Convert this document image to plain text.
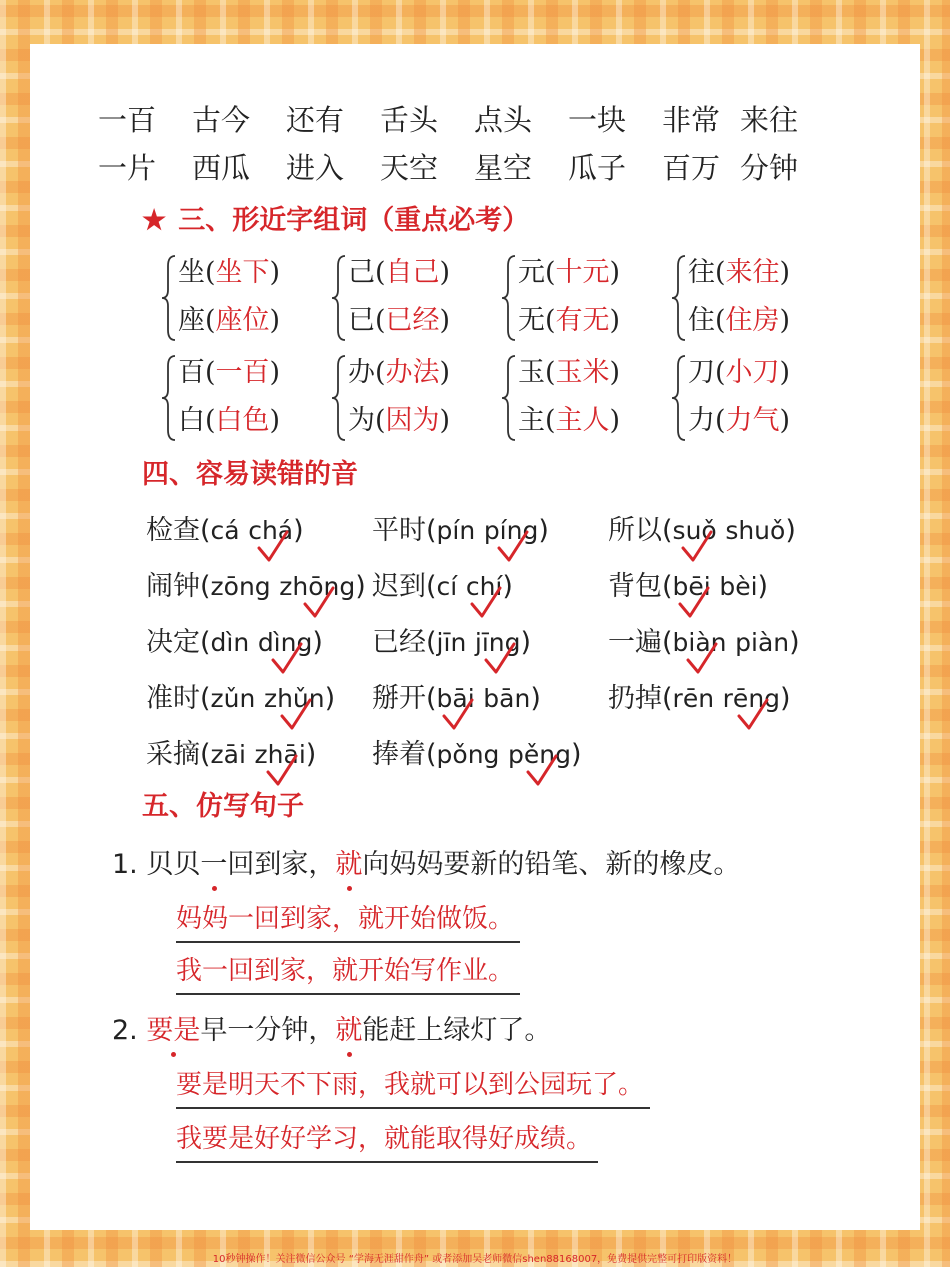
一百 古今 还有 舌头 点头 一块 非常 来往
一片 西瓜 进入 天空 星空 瓜子 百万 分钟
★ 三、形近字组词（重点必考）
坐(坐下)
座(座位)
己(自己)
已(已经)
元(十元)
无(有无)
往(来往)
住(住房)
百(一百)
白(白色)
办(办法)
为(因为)
玉(玉米)
主(主人)
刀(小刀)
力(力气)
四、容易读错的音
检查(cá chá)	平时(pín píng) 所以(suǒ shuǒ)
闹钟(zōng zhōng) 迟到(cí chí)	背包(bēi bèi)
决定(dìn dìng) 已经(jīn jīng)	一遍(biàn piàn)
准时(zǔn zhǔn) 掰开(bāi bān) 扔掉(rēn rēng)
采摘(zāi zhāi) 捧着(pǒng pěng)
五、仿写句子
1. 贝贝一
回到家，就
向妈妈要新的铅笔、新的橡皮。
妈妈一回到家，就开始做饭。
我一回到家，就开始写作业。
2. 要是
早一分钟，就
能赶上绿灯了。
要是明天不下雨，我就可以到公园玩了。
我要是好好学习，就能取得好成绩。
10秒钟操作！关注微信公众号 “学海无涯甜作舟” 或者添加吴老师微信shen88168007，免费提供完整可打印版资料！
